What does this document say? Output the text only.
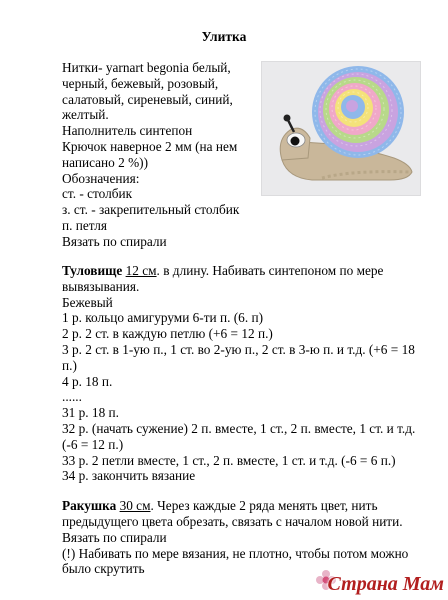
Улитка
Нитки- yarnart begonia белый,
черный, бежевый, розовый,
салатовый, сиреневый, синий,
желтый.
Наполнитель синтепон
Крючок наверное 2 мм (на нем
написано 2 %))
Обозначения:
ст. - столбик
з. ст. - закрепительный столбик
п. петля
Вязать по спирали
Туловище 12 см. в длину. Набивать синтепоном по мере вывязывания.
Бежевый
1 р. кольцо амигуруми 6-ти п. (6. п)
2 р. 2 ст. в каждую петлю (+6 = 12 п.)
3 р. 2 ст. в 1-ую п., 1 ст. во 2-ую п., 2 ст. в 3-ю п. и т.д. (+6 = 18 п.)
4 р. 18 п.
......
31 р. 18 п.
32 р. (начать сужение) 2 п. вместе, 1 ст., 2 п. вместе, 1 ст. и т.д. (-6 = 12 п.)
33 р. 2 петли вместе, 1 ст., 2 п. вместе, 1 ст. и т.д. (-6 = 6 п.)
34 р. закончить вязание
Ракушка 30 см. Через каждые 2 ряда менять цвет, нить предыдущего цвета обрезать, связать с началом новой нити.
Вязать по спирали
(!) Набивать по мере вязания, не плотно, чтобы потом можно было скрутить
Страна Мам
